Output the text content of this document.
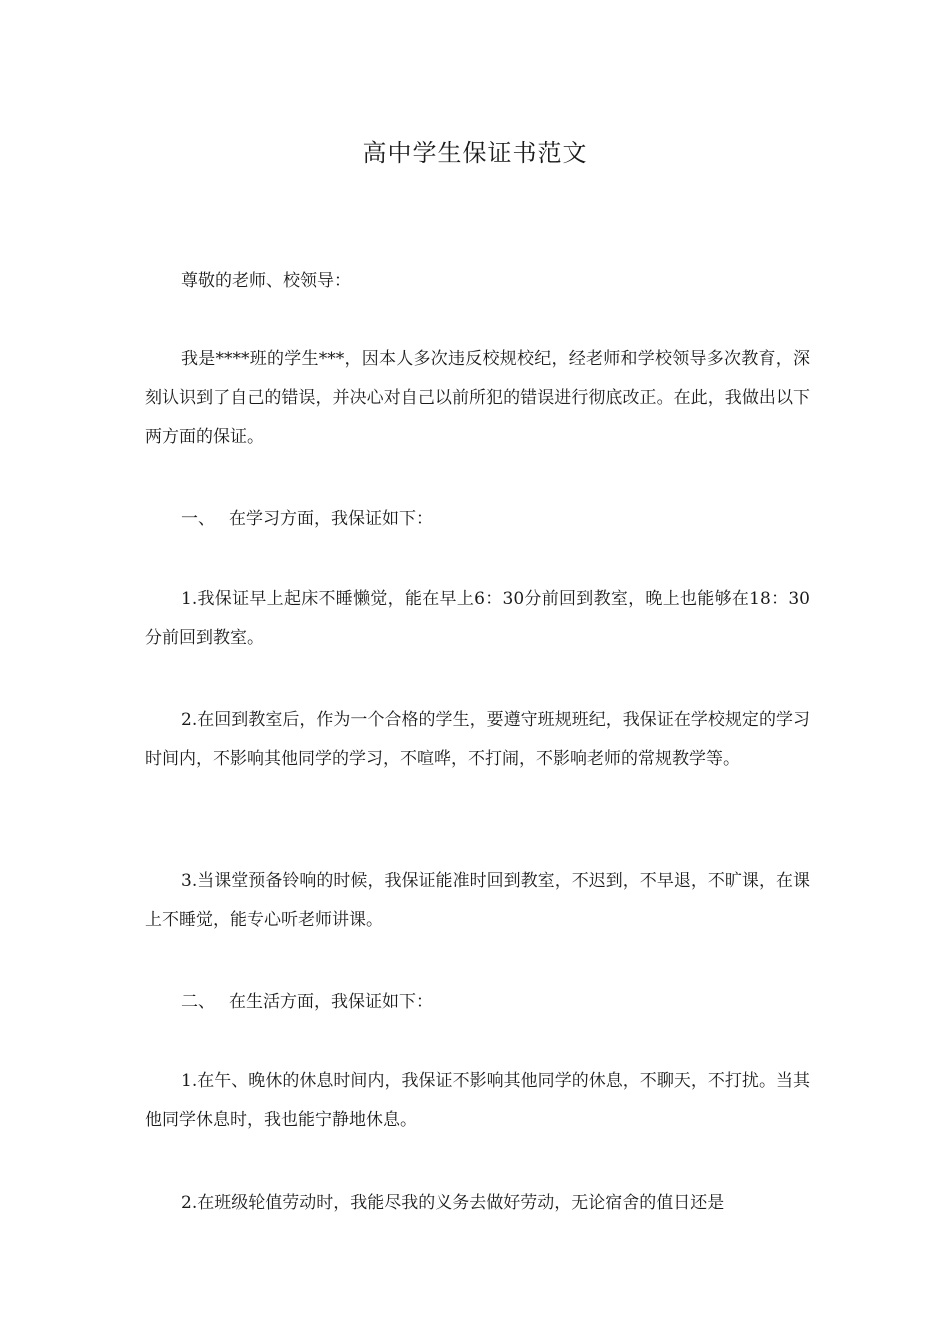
高中学生保证书范文

尊敬的老师、校领导：

我是****班的学生***，因本人多次违反校规校纪，经老师和学校领导多次教育，深刻认识到了自己的错误，并决心对自己以前所犯的错误进行彻底改正。在此，我做出以下两方面的保证。

一、 在学习方面，我保证如下：

1.我保证早上起床不睡懒觉，能在早上6：30分前回到教室，晚上也能够在18：30分前回到教室。

2.在回到教室后，作为一个合格的学生，要遵守班规班纪，我保证在学校规定的学习时间内，不影响其他同学的学习，不喧哗，不打闹，不影响老师的常规教学等。

3.当课堂预备铃响的时候，我保证能准时回到教室，不迟到，不早退，不旷课，在课上不睡觉，能专心听老师讲课。

二、 在生活方面，我保证如下：

1.在午、晚休的休息时间内，我保证不影响其他同学的休息，不聊天，不打扰。当其他同学休息时，我也能宁静地休息。

2.在班级轮值劳动时，我能尽我的义务去做好劳动，无论宿舍的值日还是
